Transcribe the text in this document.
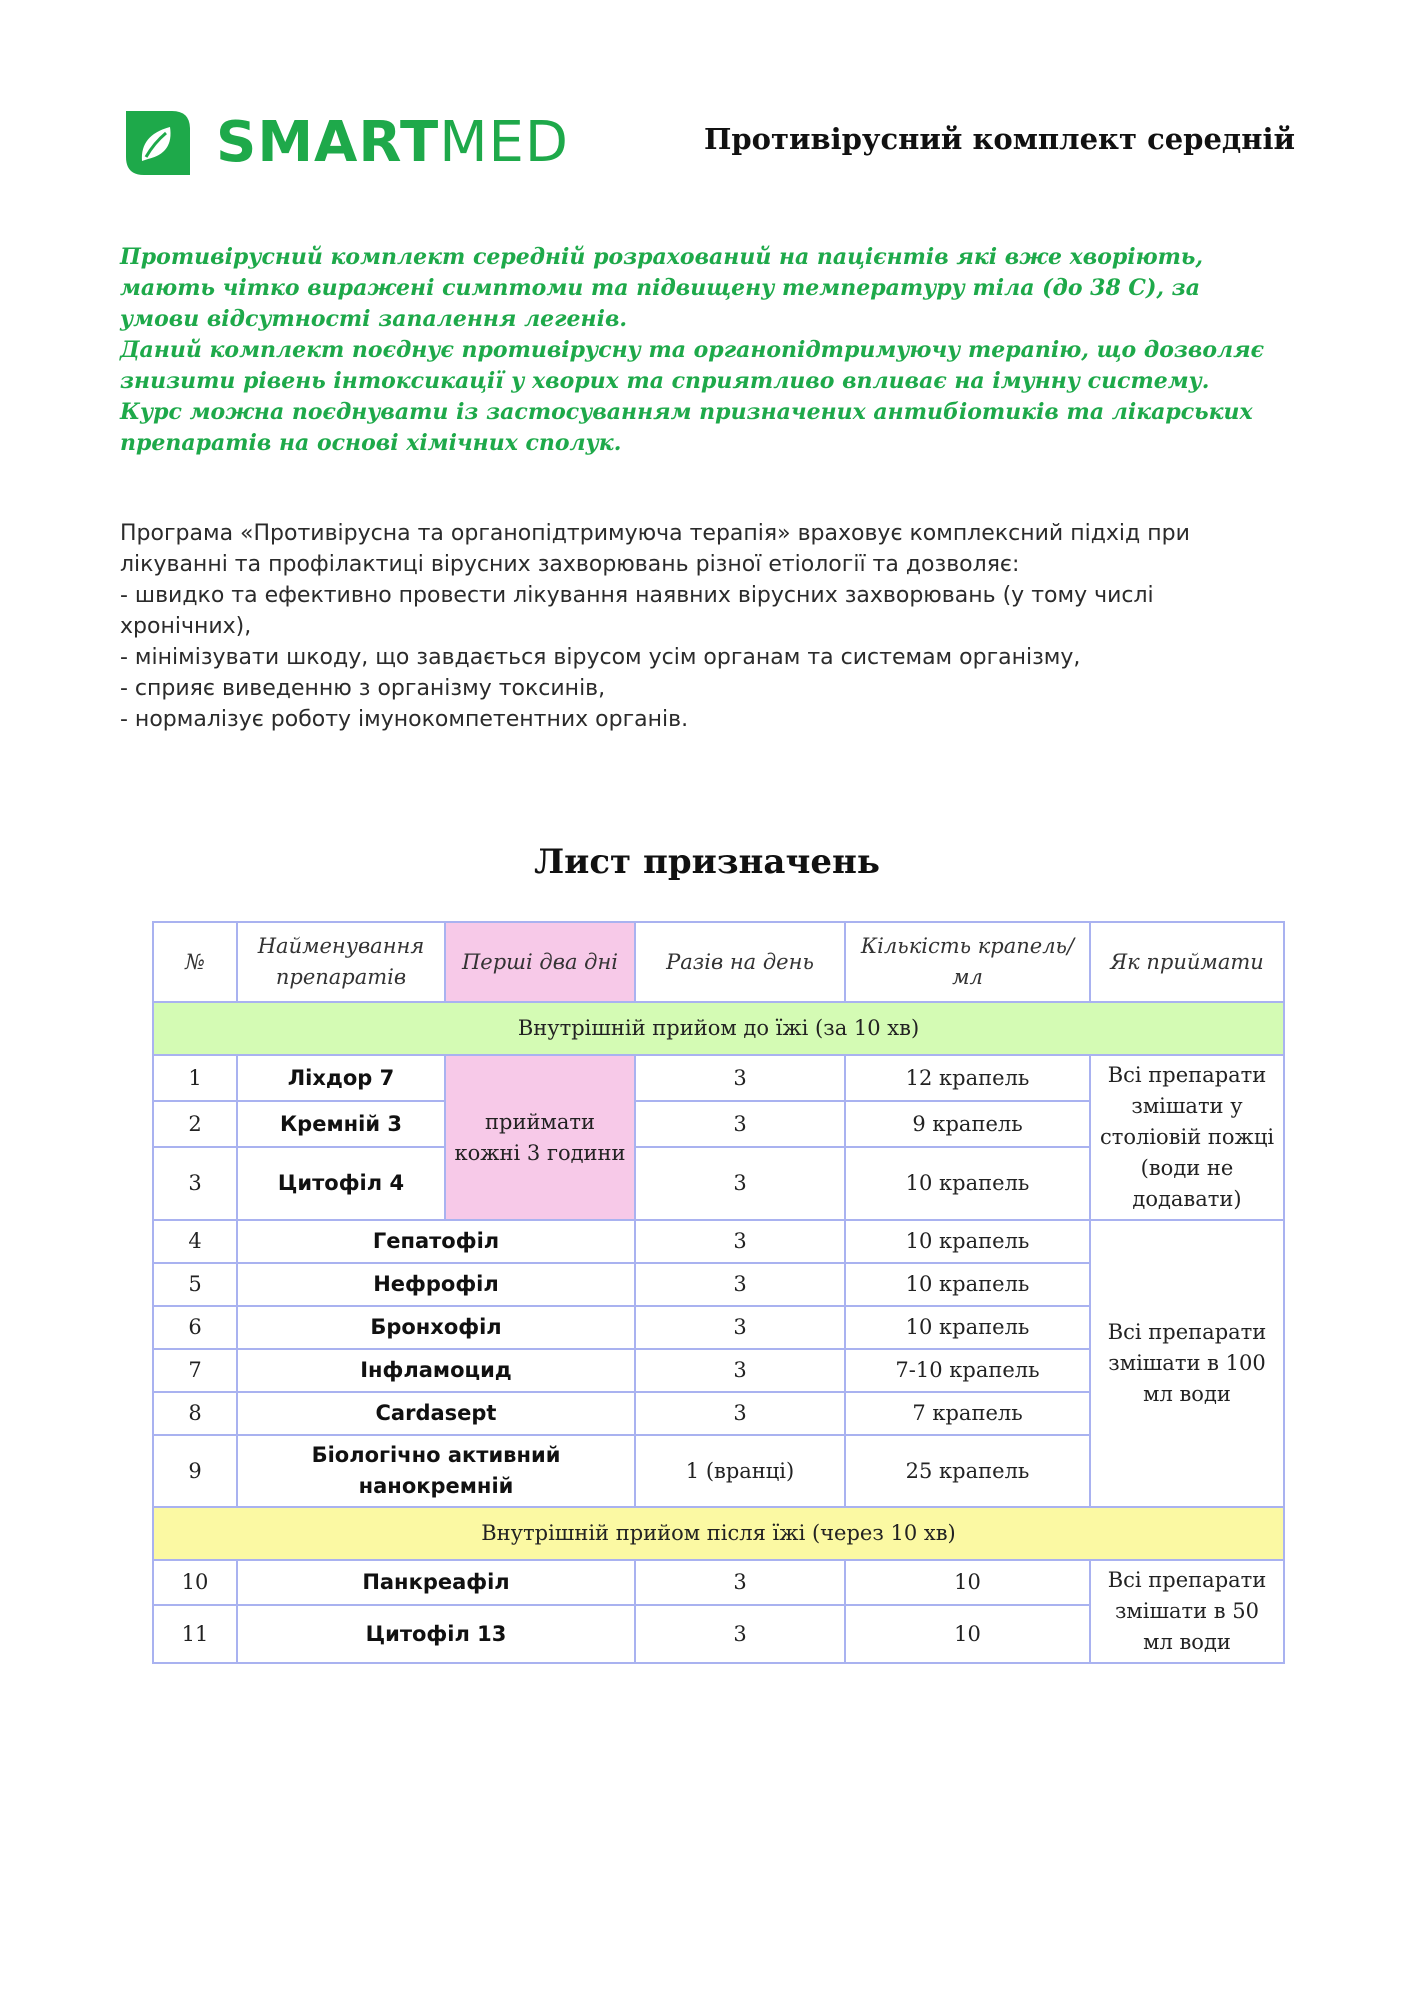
SMARTMED	Противірусний комплект середній

Противірусний комплект середній розрахований на пацієнтів які вже хворіють, мають чітко виражені симптоми та підвищену температуру тіла (до 38 С), за умови відсутності запалення легенів.

Даний комплект поєднує противірусну та органопідтримуючу терапію, що дозволяє знизити рівень інтоксикації у хворих та сприятливо впливає на імунну систему.

Курс можна поєднувати із застосуванням призначених антибіотиків та лікарських препаратів на основі хімічних сполук.

Програма «Противірусна та органопідтримуюча терапія» враховує комплексний підхід при лікуванні та профілактиці вірусних захворювань різної етіології та дозволяє:

- швидко та ефективно провести лікування наявних вірусних захворювань (у тому числі хронічних),

- мінімізувати шкоду, що завдається вірусом усім органам та системам організму,

- сприяє виведенню з організму токсинів,

- нормалізує роботу імунокомпетентних органів.

Лист призначень
№	Найменування препаратів	Перші два дні	Разів на день	Кількість крапель/мл	Як приймати
Внутрішній прийом до їжі (за 10 хв)					
1	Ліхдор 7	приймати кожні 3 години	3	12 крапель	Всі препарати змішати у століовій пожці (води не додавати)
2	Кремній 3		3	9 крапель	
3	Цитофіл 4		3	10 крапель	
4	Гепатофіл		3	10 крапель	Всі препарати змішати в 100 мл води
5	Нефрофіл		3	10 крапель	
6	Бронхофіл		3	10 крапель	
7	Інфламоцид		3	7-10 крапель	
8	Cardasept		3	7 крапель	
9	Біологічно активний нанокремній		1 (вранці)	25 крапель	
Внутрішній прийом після їжі (через 10 хв)					
10	Панкреафіл		3	10	Всі препарати змішати в 50 мл води
11	Цитофіл 13		3	10	
